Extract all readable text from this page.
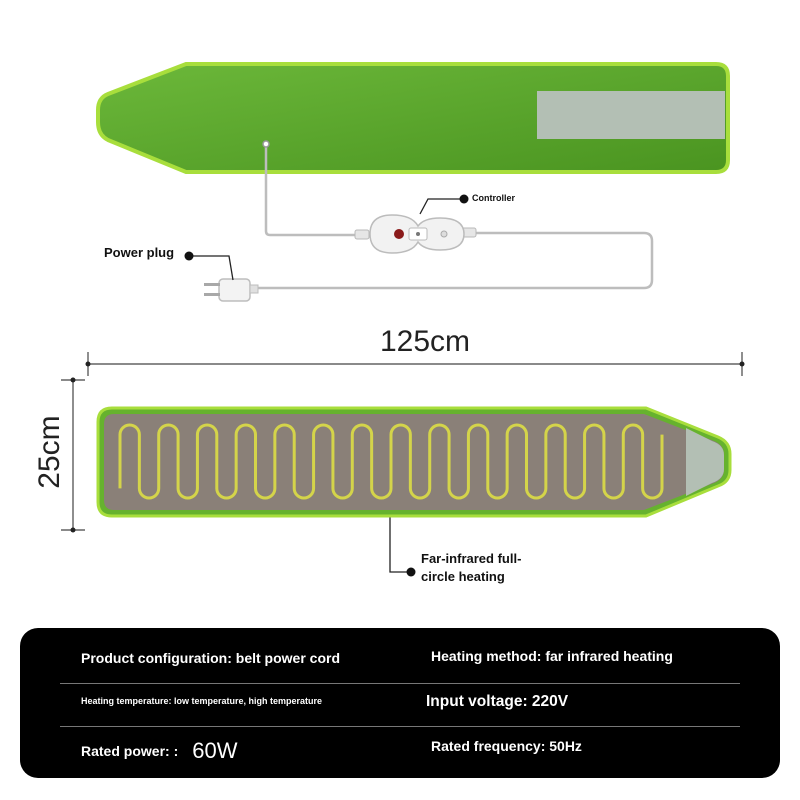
Controller
Power plug
Far-infrared full-
circle heating
125cm
25cm
Product configuration: belt power cord	Heating method: far infrared heating
Heating temperature: low temperature, high temperature	Input voltage: 220V
Rated power: : 60W	Rated frequency: 50Hz
